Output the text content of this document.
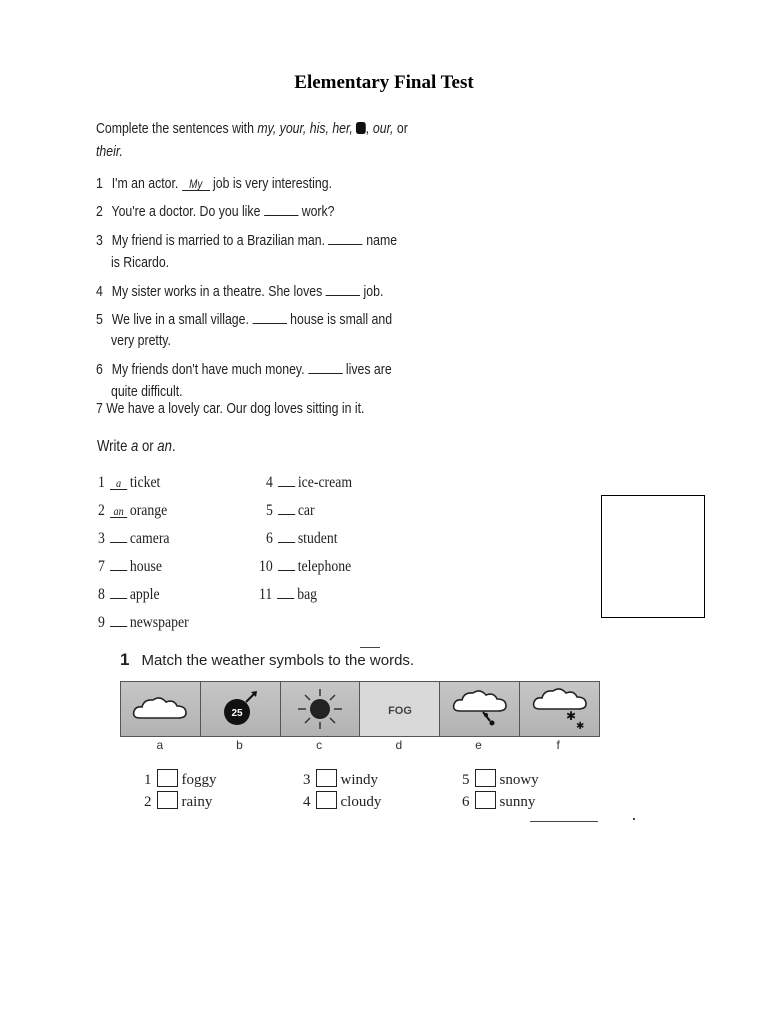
Elementary Final Test
Complete the sentences with my, your, his, her, , our, or
their.
1 I'm an actor. My job is very interesting.
2 You're a doctor. Do you like	work?
3 My friend is married to a Brazilian man.	name
is Ricardo.
4 My sister works in a theatre. She loves	job.
5 We live in a small village.	house is small and
very pretty.
6 My friends don't have much money.	lives are
quite difficult.
7 We have a lovely car. Our dog loves sitting in it.
Write a or an.
1 a ticket
2 an orange
3 camera
7 house
8 apple
9 newspaper
4 ice-cream
5 car
6 student
10 telephone
11 bag
1 Match the weather symbols to the words.
25	FOG	✱
✱
a	b	c	d	e	f
1 foggy
2 rainy
3 windy
4 cloudy
5 snowy
6 sunny
